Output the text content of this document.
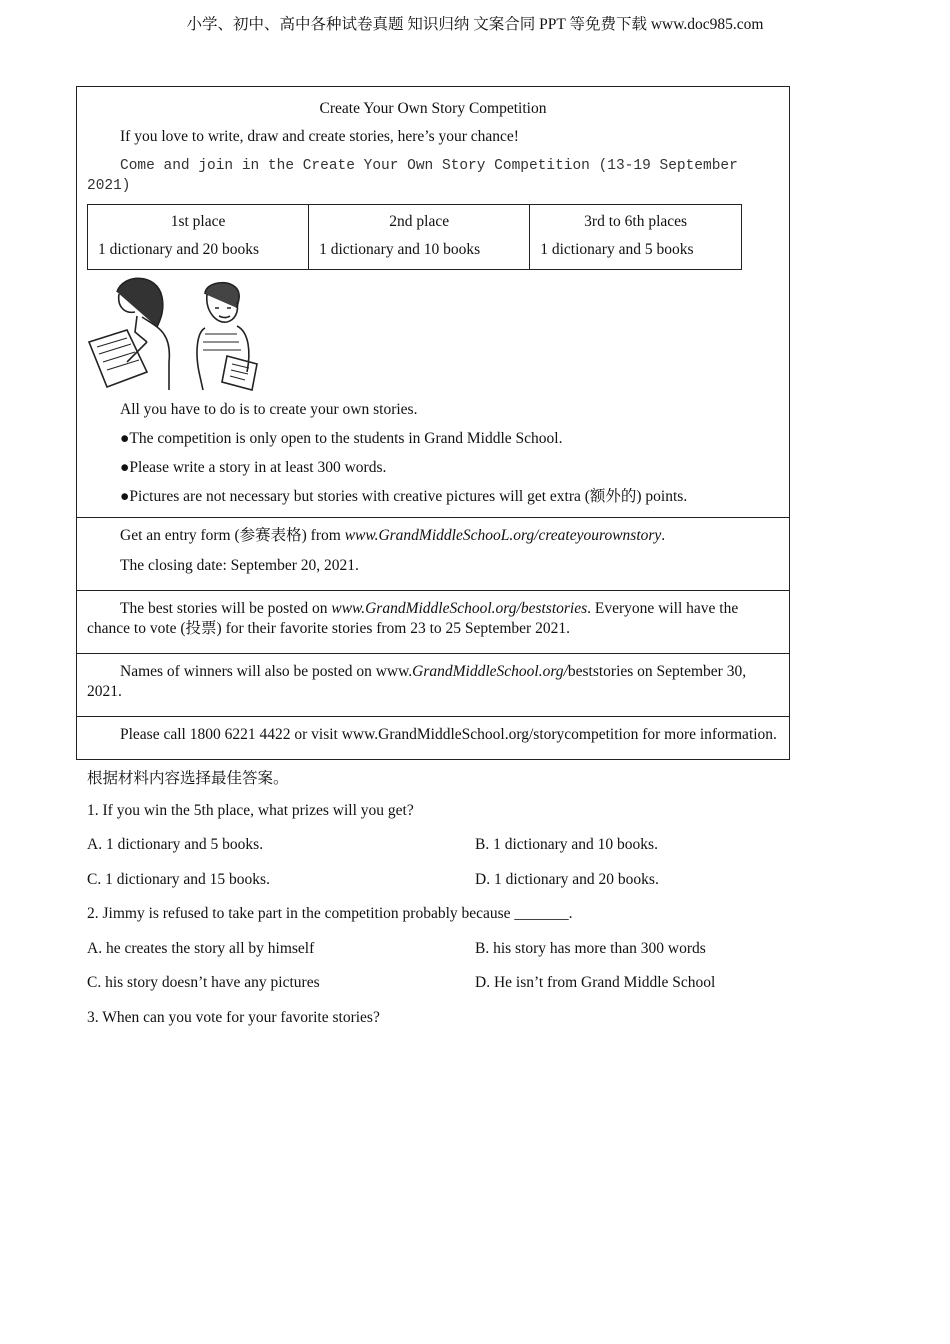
小学、初中、高中各种试卷真题 知识归纳 文案合同 PPT 等免费下载 www.doc985.com

Create Your Own Story Competition

If you love to write, draw and create stories, here’s your chance!

Come and join in the Create Your Own Story Competition (13-19 September 2021)

1st place	2nd place	3rd to 6th places
1 dictionary and 20 books	1 dictionary and 10 books	1 dictionary and 5 books

All you have to do is to create your own stories.

●The competition is only open to the students in Grand Middle School.

●Please write a story in at least 300 words.

●Pictures are not necessary but stories with creative pictures will get extra (额外的) points.

Get an entry form (参赛表格) from www.GrandMiddleSchooL.org/createyourownstory.

The closing date: September 20, 2021.

The best stories will be posted on www.GrandMiddleSchool.org/beststories. Everyone will have the chance to vote (投票) for their favorite stories from 23 to 25 September 2021.

Names of winners will also be posted on www.GrandMiddleSchool.org/beststories on September 30, 2021.

Please call 1800 6221 4422 or visit www.GrandMiddleSchool.org/storycompetition for more information.

根据材料内容选择最佳答案。
1. If you win the 5th place, what prizes will you get?
A. 1 dictionary and 5 books.	B. 1 dictionary and 10 books.
C. 1 dictionary and 15 books.	D. 1 dictionary and 20 books.
2. Jimmy is refused to take part in the competition probably because _______.
A. he creates the story all by himself	B. his story has more than 300 words
C. his story doesn’t have any pictures	D. He isn’t from Grand Middle School
3. When can you vote for your favorite stories?
